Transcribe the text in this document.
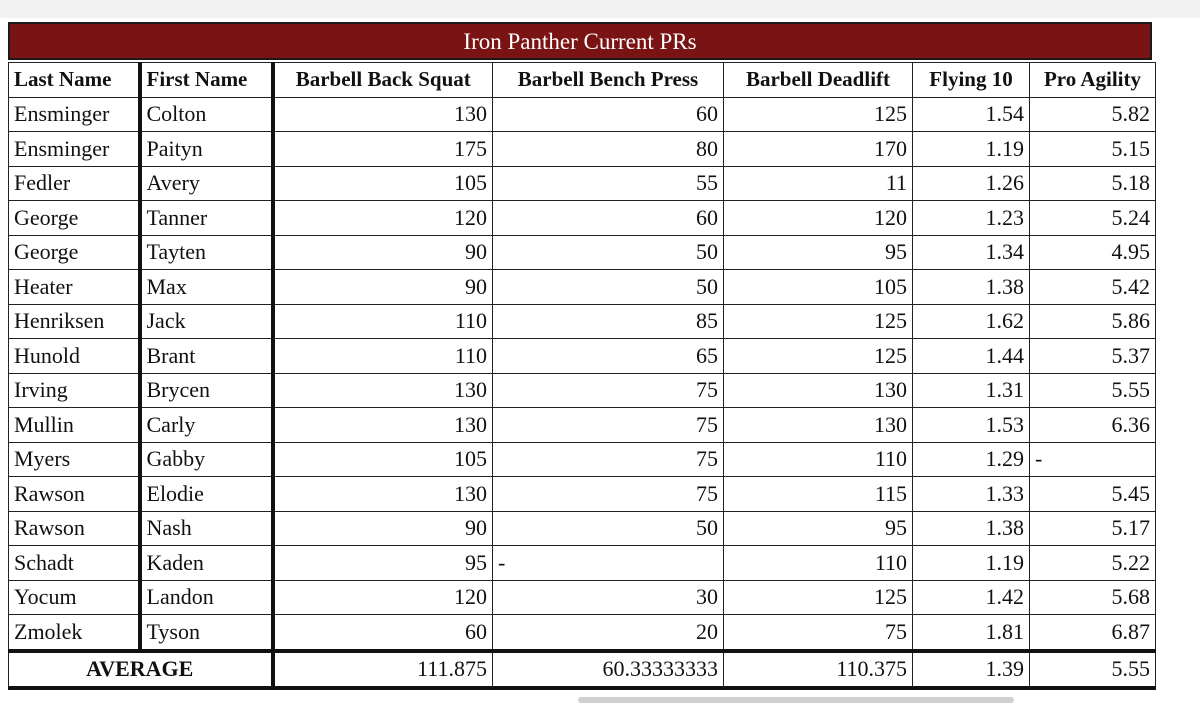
Iron Panther Current PRs
Last Name	First Name	Barbell Back Squat	Barbell Bench Press	Barbell Deadlift	Flying 10	Pro Agility
Ensminger	Colton	130	60	125	1.54	5.82
Ensminger	Paityn	175	80	170	1.19	5.15
Fedler	Avery	105	55	11	1.26	5.18
George	Tanner	120	60	120	1.23	5.24
George	Tayten	90	50	95	1.34	4.95
Heater	Max	90	50	105	1.38	5.42
Henriksen	Jack	110	85	125	1.62	5.86
Hunold	Brant	110	65	125	1.44	5.37
Irving	Brycen	130	75	130	1.31	5.55
Mullin	Carly	130	75	130	1.53	6.36
Myers	Gabby	105	75	110	1.29	-
Rawson	Elodie	130	75	115	1.33	5.45
Rawson	Nash	90	50	95	1.38	5.17
Schadt	Kaden	95	-	110	1.19	5.22
Yocum	Landon	120	30	125	1.42	5.68
Zmolek	Tyson	60	20	75	1.81	6.87
AVERAGE		111.875	60.33333333	110.375	1.39	5.55
